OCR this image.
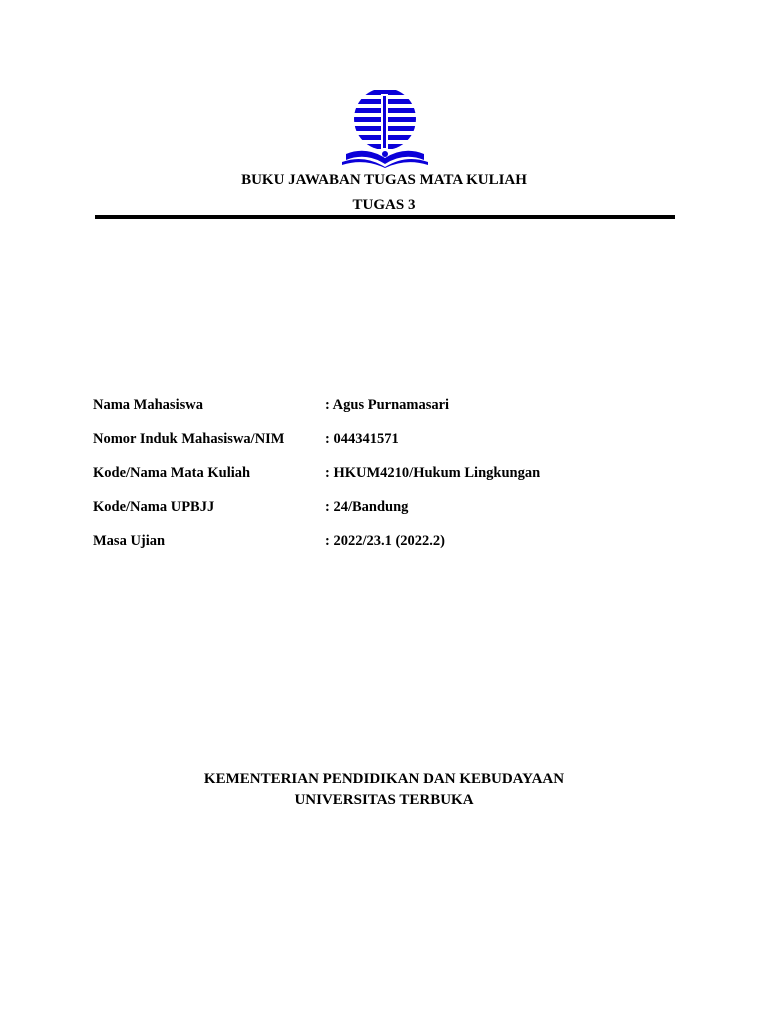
BUKU JAWABAN TUGAS MATA KULIAH
TUGAS 3
Nama Mahasiswa	: Agus Purnamasari
Nomor Induk Mahasiswa/NIM	: 044341571
Kode/Nama Mata Kuliah	: HKUM4210/Hukum Lingkungan
Kode/Nama UPBJJ	: 24/Bandung
Masa Ujian	: 2022/23.1 (2022.2)
KEMENTERIAN PENDIDIKAN DAN KEBUDAYAAN
UNIVERSITAS TERBUKA
